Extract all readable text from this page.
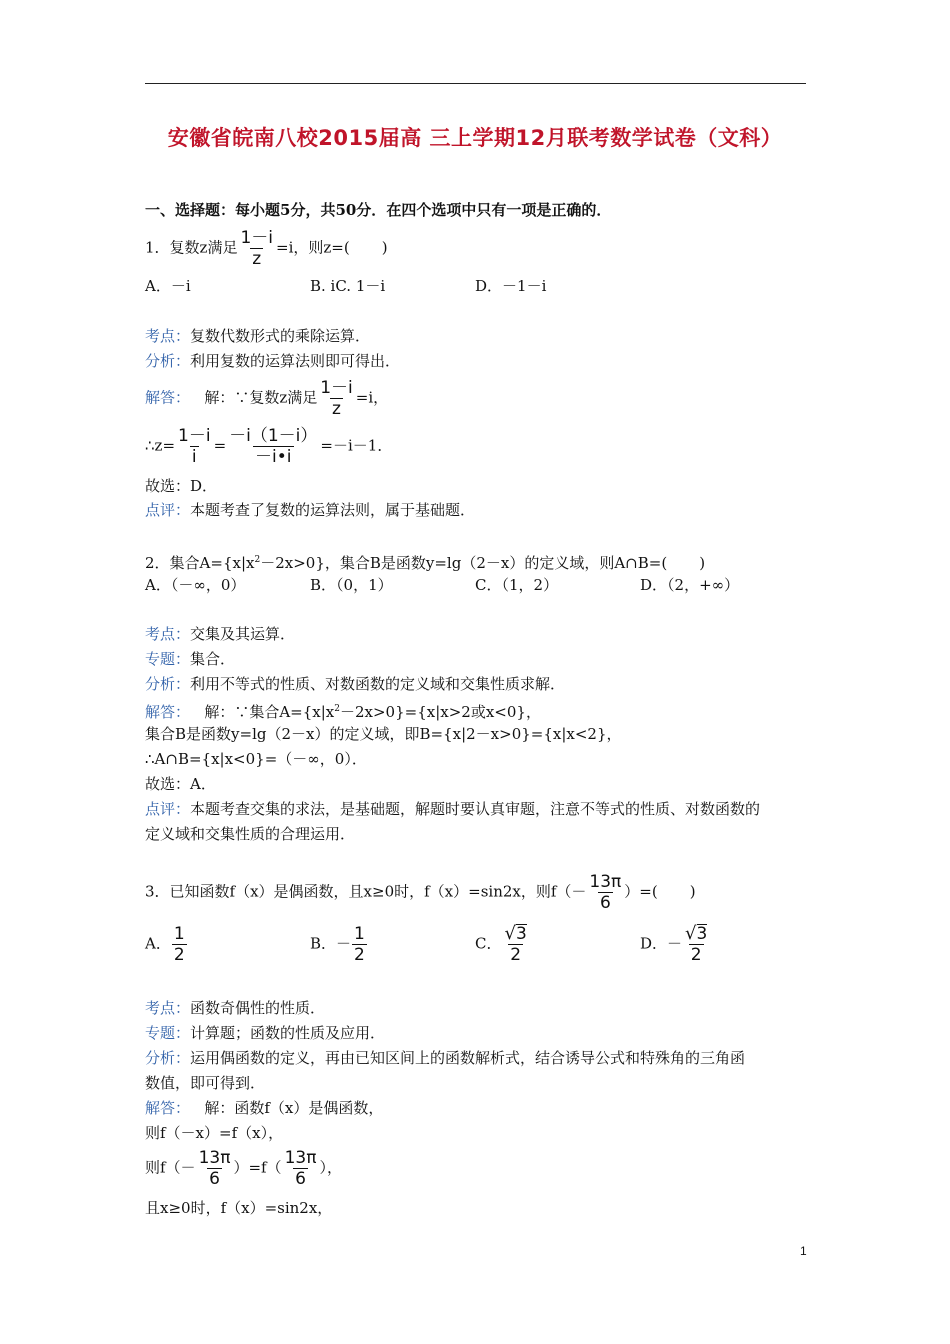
安徽省皖南八校2015届高 三上学期12月联考数学试卷（文科）
一、选择题：每小题5分，共50分．在四个选项中只有一项是正确的．
1．复数z满足 $\frac{1-i}{z} =i$，则z=( )
A．－i	B. iC. 1－i	D．－1－i
考点：复数代数形式的乘除运算．
分析：利用复数的运算法则即可得出．
解答： 解：∵复数z满足 $\frac{1-i}{z} =i$，
∴z= $\frac{1-i}{i} = \frac{-i(1-i)}{-i•i} =-i-1$．
故选：D．
点评：本题考查了复数的运算法则，属于基础题．
2．集合$A=\{x|x^2-2x>0\}$，集合B是函数y=lg（2－x）的定义域，则A∩B=( )
A．（－∞，0）	B．（0，1）	C．（1，2）	D．（2，+∞）
考点：交集及其运算．
专题：集合．
分析：利用不等式的性质、对数函数的定义域和交集性质求解．
解答： 解：∵集合$A=\{x|x^2-2x>0\}=\{x|x>2$或x<0}，
集合B是函数y=lg（2－x）的定义域，即B={x|2－x>0}={x|x<2}，
∴A∩B={x|x<0}=（－∞，0）．
故选：A．
点评：本题考查交集的求法，是基础题，解题时要认真审题，注意不等式的性质、对数函数的
定义域和交集性质的合理运用．
3．已知函数f（x）是偶函数，且x≥0时，f（x）=sin2x，则$f(- \frac{13\pi}{6}$ ）=( )
A． $\frac{1}{2}$	B．－ $\frac{1}{2}$	C． $\frac{√ 3}{2}$	D．－ $\frac{√ 3}{2}$
考点：函数奇偶性的性质．
专题：计算题；函数的性质及应用．
分析：运用偶函数的定义，再由已知区间上的函数解析式，结合诱导公式和特殊角的三角函
数值，即可得到．
解答： 解：函数f（x）是偶函数，
则f（－x）=f（x），
则$f(- \frac{13\pi}{6} )=f( \frac{13\pi}{6}$ ），
且x≥0时，f（x）=sin2x，
1
